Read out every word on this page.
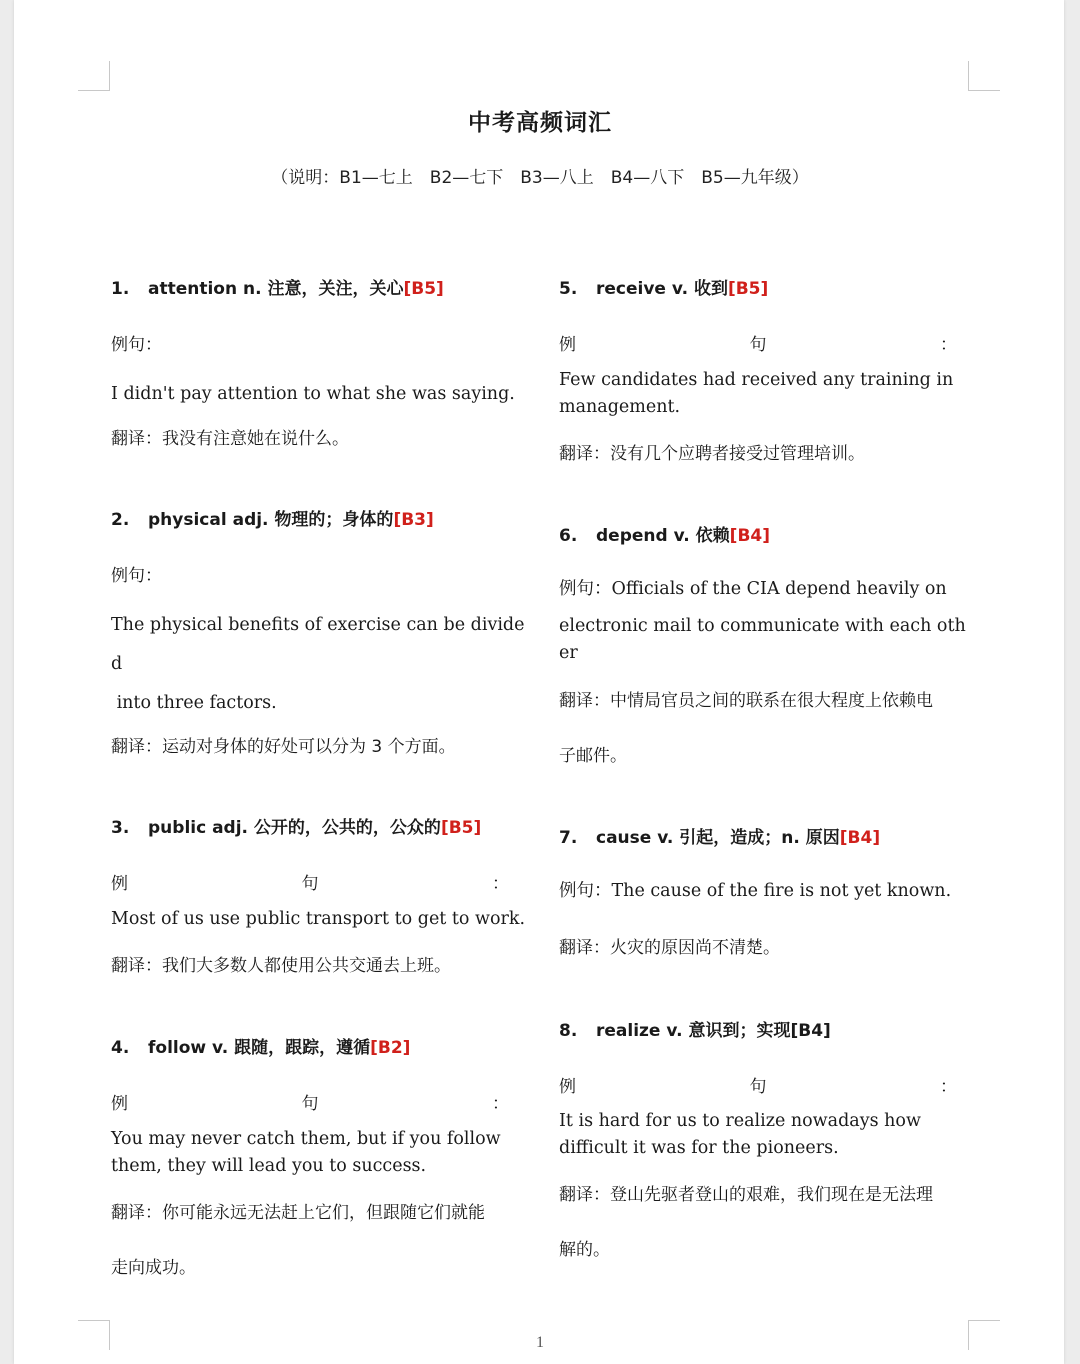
中考高频词汇
（说明：B1—七上　B2—七下　B3—八上　B4—八下　B5—九年级）
1. attention n. 注意，关注，关心[B5]
例句：
I didn't pay attention to what she was saying.
翻译：我没有注意她在说什么。
2. physical adj. 物理的；身体的[B3]
例句：
The physical benefits of exercise can be divide
d
into three factors.
翻译：运动对身体的好处可以分为 3 个方面。
3. public adj. 公开的，公共的，公众的[B5]
例	句	：
Most of us use public transport to get to work.
翻译：我们大多数人都使用公共交通去上班。
4. follow v. 跟随，跟踪，遵循[B2]
例	句	：
You may never catch them, but if you follow them, they will lead you to success.
翻译：你可能永远无法赶上它们，但跟随它们就能
走向成功。
5. receive v. 收到[B5]
例	句	：
Few candidates had received any training in management.
翻译：没有几个应聘者接受过管理培训。
6. depend v. 依赖[B4]
例句：Officials of the CIA depend heavily on
electronic mail to communicate with each oth
er
翻译：中情局官员之间的联系在很大程度上依赖电
子邮件。
7. cause v. 引起，造成；n. 原因[B4]
例句：The cause of the fire is not yet known.
翻译：火灾的原因尚不清楚。
8. realize v. 意识到；实现[B4]
例	句	：
It is hard for us to realize nowadays how difficult it was for the pioneers.
翻译：登山先驱者登山的艰难，我们现在是无法理
解的。
1
